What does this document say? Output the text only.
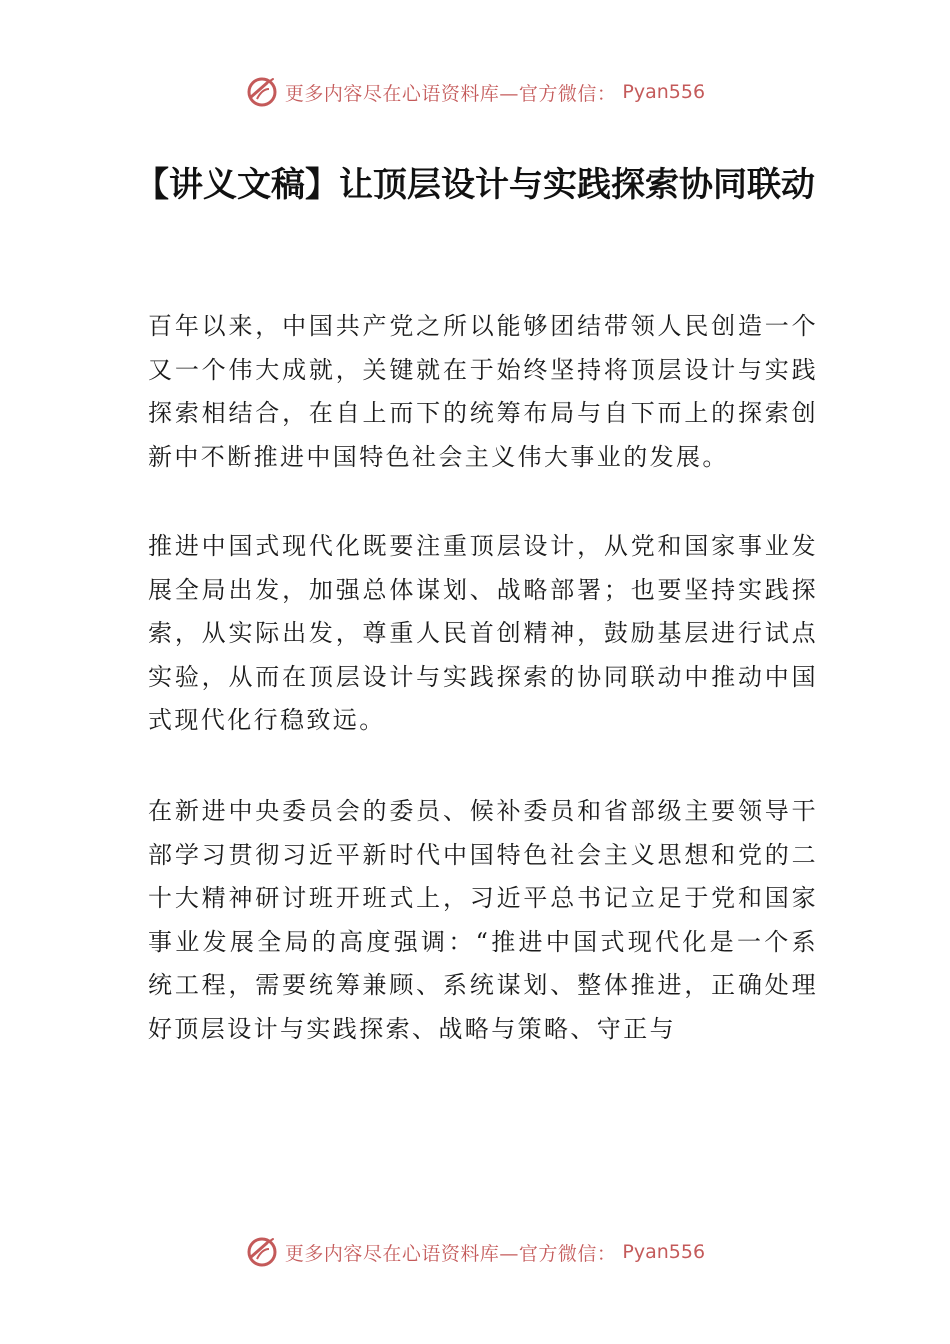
更多内容尽在心语资料库—官方微信： Pyan556
【讲义文稿】让顶层设计与实践探索协同联动

百年以来，中国共产党之所以能够团结带领人民创造一个又一个伟大成就，关键就在于始终坚持将顶层设计与实践探索相结合，在自上而下的统筹布局与自下而上的探索创新中不断推进中国特色社会主义伟大事业的发展。

推进中国式现代化既要注重顶层设计，从党和国家事业发展全局出发，加强总体谋划、战略部署；也要坚持实践探索，从实际出发，尊重人民首创精神，鼓励基层进行试点实验，从而在顶层设计与实践探索的协同联动中推动中国式现代化行稳致远。

在新进中央委员会的委员、候补委员和省部级主要领导干部学习贯彻习近平新时代中国特色社会主义思想和党的二十大精神研讨班开班式上，习近平总书记立足于党和国家事业发展全局的高度强调：“推进中国式现代化是一个系统工程，需要统筹兼顾、系统谋划、整体推进，正确处理好顶层设计与实践探索、战略与策略、守正与

更多内容尽在心语资料库—官方微信： Pyan556
